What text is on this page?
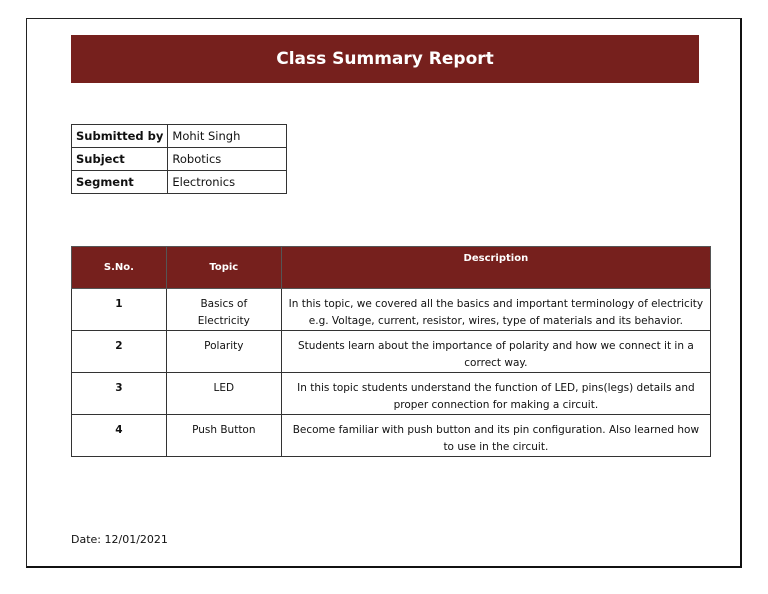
Class Summary Report
Submitted by	Mohit Singh
Subject	Robotics
Segment	Electronics
S.No.	Topic	Description
1	Basics of Electricity	In this topic, we covered all the basics and important terminology of electricity e.g. Voltage, current, resistor, wires, type of materials and its behavior.
2	Polarity	Students learn about the importance of polarity and how we connect it in a correct way.
3	LED	In this topic students understand the function of LED, pins(legs) details and proper connection for making a circuit.
4	Push Button	Become familiar with push button and its pin configuration. Also learned how to use in the circuit.
Date: 12/01/2021
